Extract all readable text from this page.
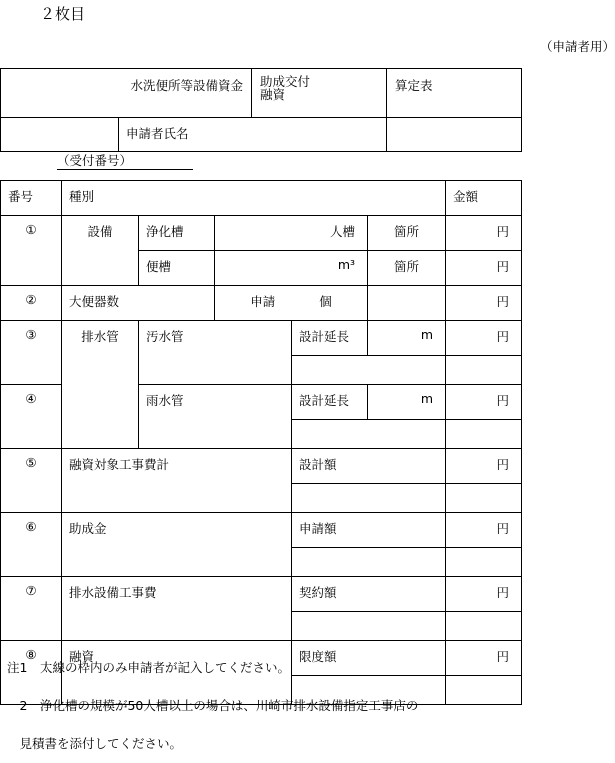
２枚目
（申請者用）
水洗便所等設備資金		助成交付
融資	算定表
	申請者氏名		
（受付番号）
番号	種別					金額
①	設備	浄化槽	人槽		箇所	円
		便槽	m³		箇所	円
②	大便器数		申請 個			円
③	排水管	汚水管		設計延長	m	円

④		雨水管		設計延長	m	円

⑤	融資対象工事費計			設計額		円

⑥	助成金			申請額		円

⑦	排水設備工事費			契約額		円

⑧	融資			限度額		円

注1　太線の枠内のみ申請者が記入してください。
　2　浄化槽の規模が50人槽以上の場合は、川崎市排水設備指定工事店の
　見積書を添付してください。
